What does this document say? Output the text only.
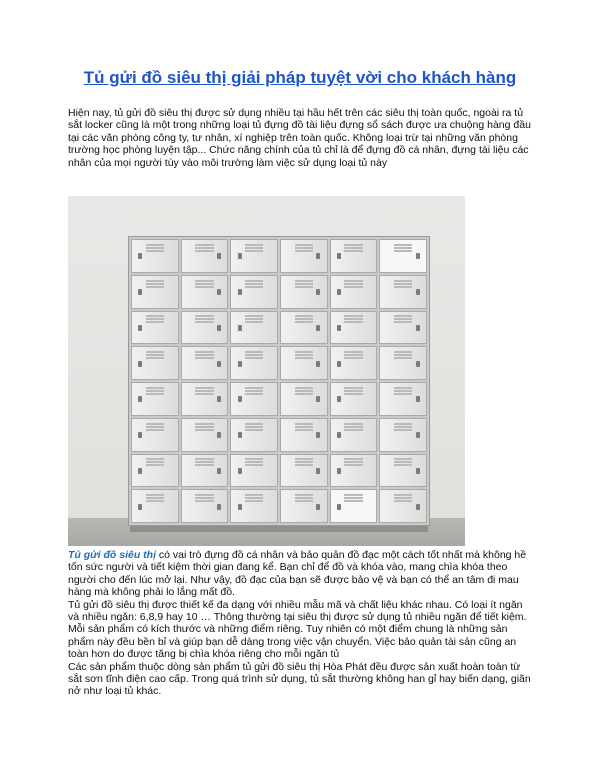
Tủ gửi đồ siêu thị giải pháp tuyệt vời cho khách hàng

Hiện nay, tủ gửi đồ siêu thị được sử dụng nhiều tại hầu hết trên các siêu thị toàn quốc, ngoài ra tủ sắt locker cũng là một trong những loại tủ đựng đồ tài liệu đựng sổ sách được ưa chuộng hàng đầu tại các văn phòng công ty, tư nhân, xí nghiệp trên toàn quốc. Không loại trừ tại những văn phòng trường học phòng luyện tập... Chức năng chính của tủ chỉ là để đựng đồ cá nhân, đựng tài liệu các nhân của mọi người tùy vào môi trường làm việc sử dụng loại tủ này

Tủ gửi đồ siêu thị có vai trò đựng đồ cá nhân và bảo quản đồ đạc một cách tốt nhất mà không hề tốn sức người và tiết kiệm thời gian đang kể. Bạn chỉ để đồ và khóa vào, mang chìa khóa theo người cho đến lúc mở lại. Như vậy, đồ đạc của bạn sẽ được bảo vệ và bạn có thể an tâm đi mau hàng mà không phải lo lắng mất đồ.
Tủ gửi đồ siêu thị được thiết kế đa dạng với nhiều mẫu mã và chất liệu khác nhau. Có loại ít ngăn và nhiều ngăn: 6,8,9 hay 10 … Thông thường tại siêu thị được sử dụng tủ nhiều ngăn để tiết kiệm. Mỗi sản phẩm có kích thước và những điểm riêng. Tuy nhiên có một điểm chung là những sản phẩm này đều bền bỉ và giúp bạn dễ dàng trong việc vận chuyển. Việc bảo quản tài sản cũng an toàn hơn do được tăng bị chìa khóa riêng cho mỗi ngăn tủ
Các sản phẩm thuộc dòng sản phẩm tủ gửi đồ siêu thị Hòa Phát đều được sản xuất hoàn toàn từ sắt sơn tĩnh điện cao cấp. Trong quá trình sử dụng, tủ sắt thường không han gỉ hay biến dạng, giãn nở như loại tủ khác.
